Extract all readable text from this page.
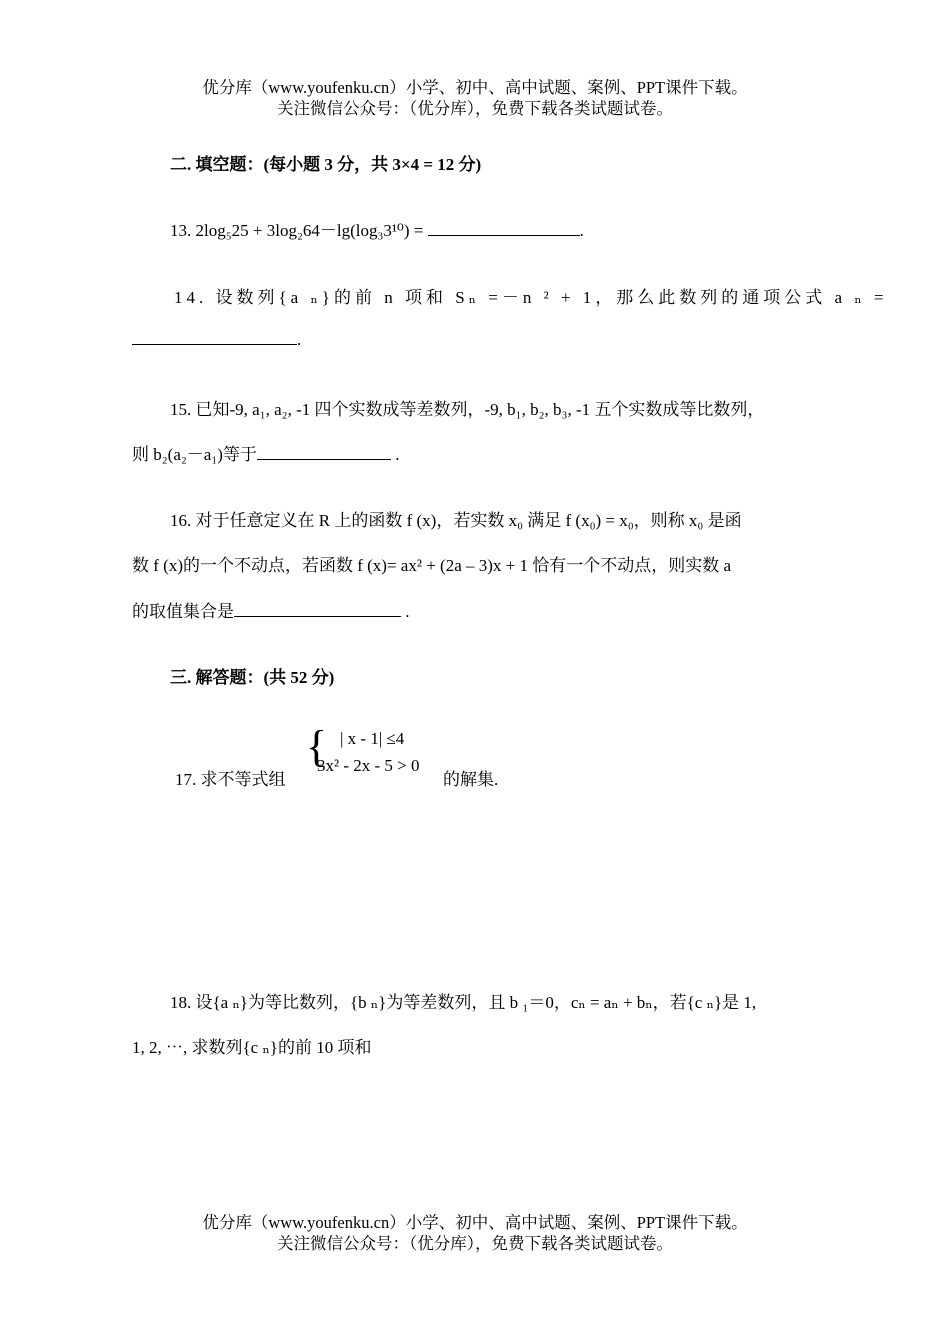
优分库（www.youfenku.cn）小学、初中、高中试题、案例、PPT课件下载。
关注微信公众号：（优分库），免费下载各类试题试卷。
二. 填空题：(每小题 3 分，共 3×4 = 12 分)
13. 2log₅25 + 3log₂64－lg(log₃3¹⁰) =	.
14. 设数列{a ₙ}的前 n 项和 Sₙ =－n ² + 1，那么此数列的通项公式 a ₙ =
.
15. 已知-9, a₁, a₂, -1 四个实数成等差数列，-9, b₁, b₂, b₃, -1 五个实数成等比数列，
则 b₂(a₂－a₁)等于	.
16. 对于任意定义在 R 上的函数 f (x)，若实数 x₀ 满足 f (x₀) = x₀，则称 x₀ 是函
数 f (x)的一个不动点，若函数 f (x)= ax² + (2a – 3)x + 1 恰有一个不动点，则实数 a
的取值集合是	.
三. 解答题：(共 52 分)
17. 求不等式组
{ | x - 1| ≤4
3x² - 2x - 5 > 0
的解集.
18. 设{a ₙ}为等比数列，{b ₙ}为等差数列，且 b ₁＝0，cₙ = aₙ + bₙ，若{c ₙ}是 1,
1, 2, ⋯, 求数列{c ₙ}的前 10 项和
优分库（www.youfenku.cn）小学、初中、高中试题、案例、PPT课件下载。
关注微信公众号：（优分库），免费下载各类试题试卷。
